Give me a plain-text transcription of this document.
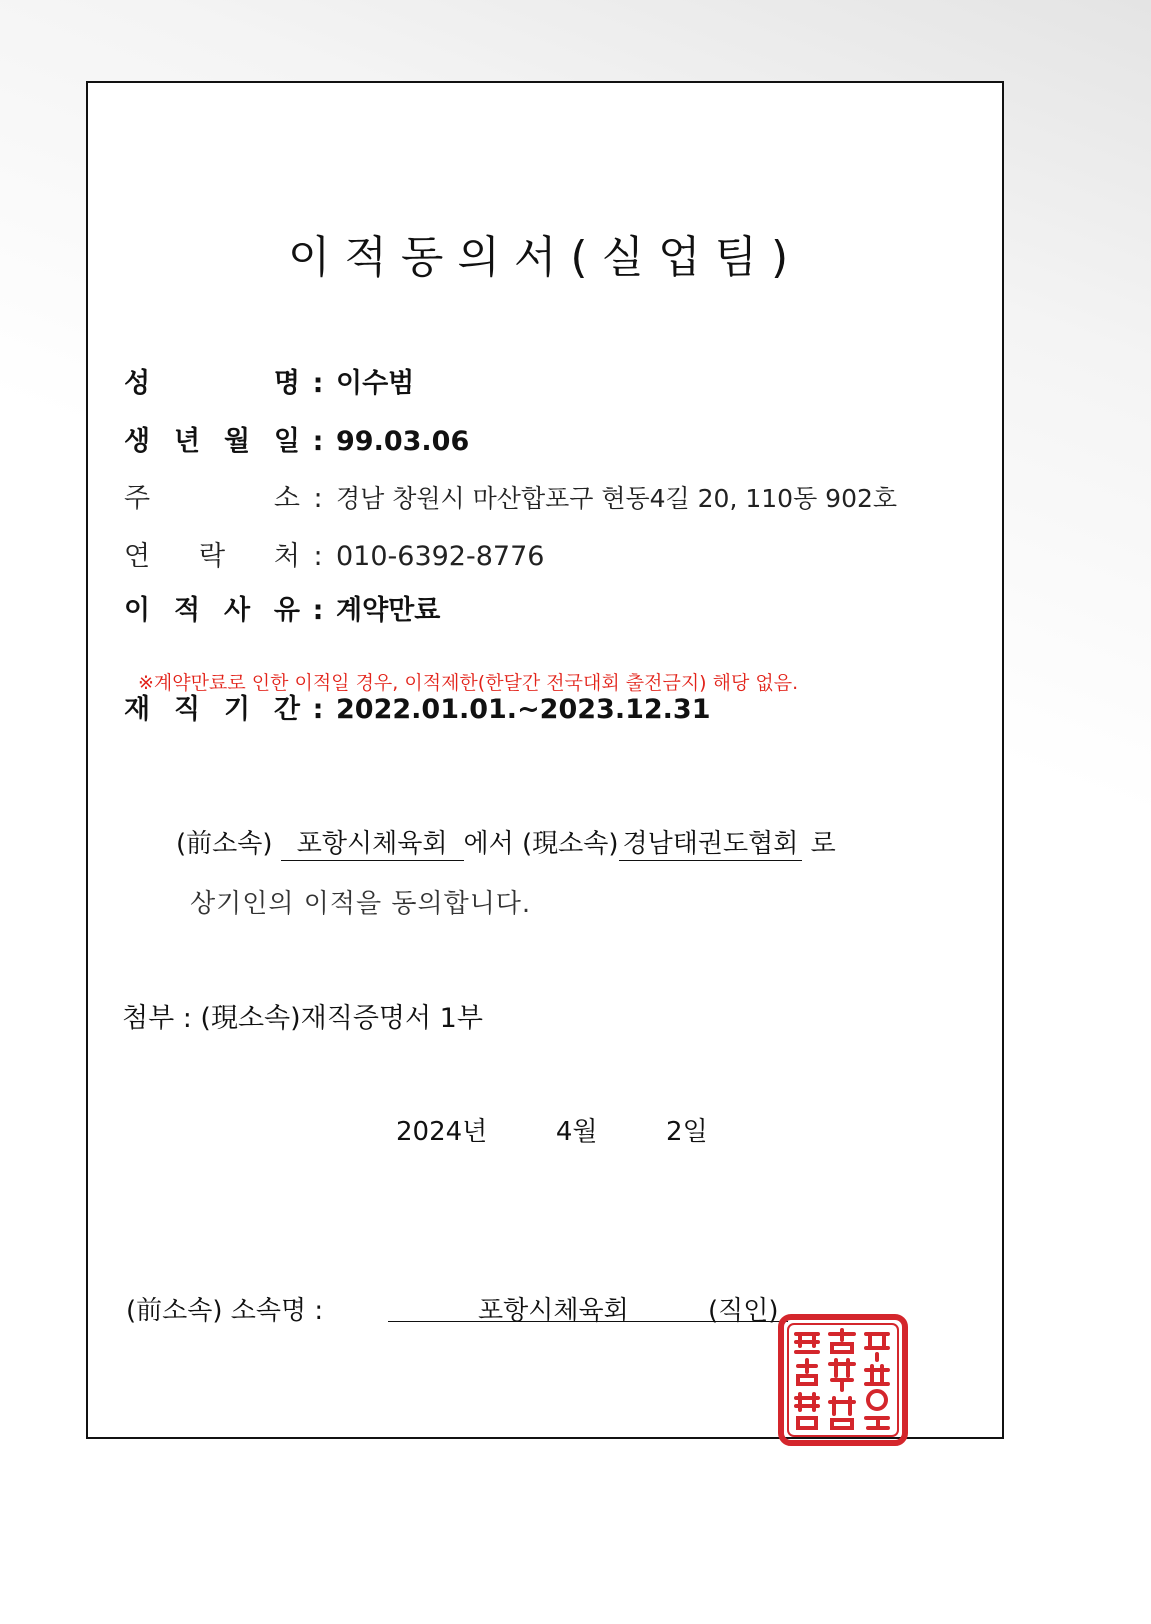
이적동의서(실업팀)
성	명 : 이수범
생 년 월 일 : 99.03.06
주	소 : 경남 창원시 마산합포구 현동4길 20, 110동 902호
연 락 처 : 010-6392-8776
이 적 사 유 : 계약만료
※계약만료로 인한 이적일 경우, 이적제한(한달간 전국대회 출전금지) 해당 없음.
재 직 기 간 : 2022.01.01.~2023.12.31
(前소속) 포항시체육회 에서 (現소속) 경남태권도협회 로
상기인의 이적을 동의합니다.
첨부 : (現소속)재직증명서 1부
2024년	4월	2일
(前소속) 소속명 :	포항시체육회	(직인) 포항시체육회장의인
